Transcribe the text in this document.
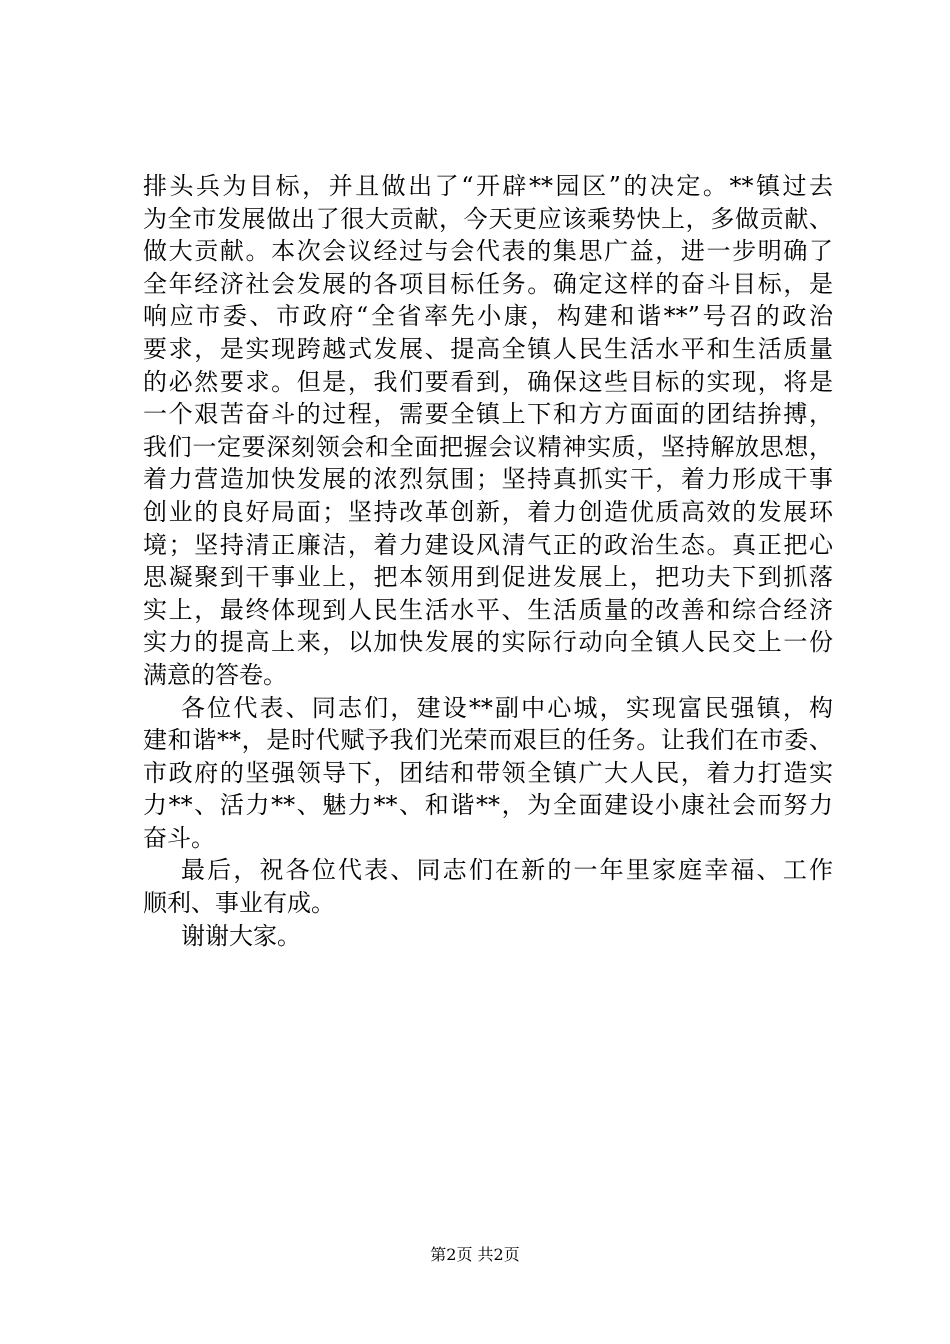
排头兵为目标，并且做出了“开辟**园区”的决定。**镇过去
为全市发展做出了很大贡献，今天更应该乘势快上，多做贡献、
做大贡献。本次会议经过与会代表的集思广益，进一步明确了
全年经济社会发展的各项目标任务。确定这样的奋斗目标，是
响应市委、市政府“全省率先小康，构建和谐**”号召的政治
要求，是实现跨越式发展、提高全镇人民生活水平和生活质量
的必然要求。但是，我们要看到，确保这些目标的实现，将是
一个艰苦奋斗的过程，需要全镇上下和方方面面的团结拚搏，
我们一定要深刻领会和全面把握会议精神实质，坚持解放思想，
着力营造加快发展的浓烈氛围；坚持真抓实干，着力形成干事
创业的良好局面；坚持改革创新，着力创造优质高效的发展环
境；坚持清正廉洁，着力建设风清气正的政治生态。真正把心
思凝聚到干事业上，把本领用到促进发展上，把功夫下到抓落
实上，最终体现到人民生活水平、生活质量的改善和综合经济
实力的提高上来，以加快发展的实际行动向全镇人民交上一份
满意的答卷。
各位代表、同志们，建设**副中心城，实现富民强镇，构
建和谐**，是时代赋予我们光荣而艰巨的任务。让我们在市委、
市政府的坚强领导下，团结和带领全镇广大人民，着力打造实
力**、活力**、魅力**、和谐**，为全面建设小康社会而努力
奋斗。
最后，祝各位代表、同志们在新的一年里家庭幸福、工作
顺利、事业有成。
谢谢大家。
第2页 共2页
